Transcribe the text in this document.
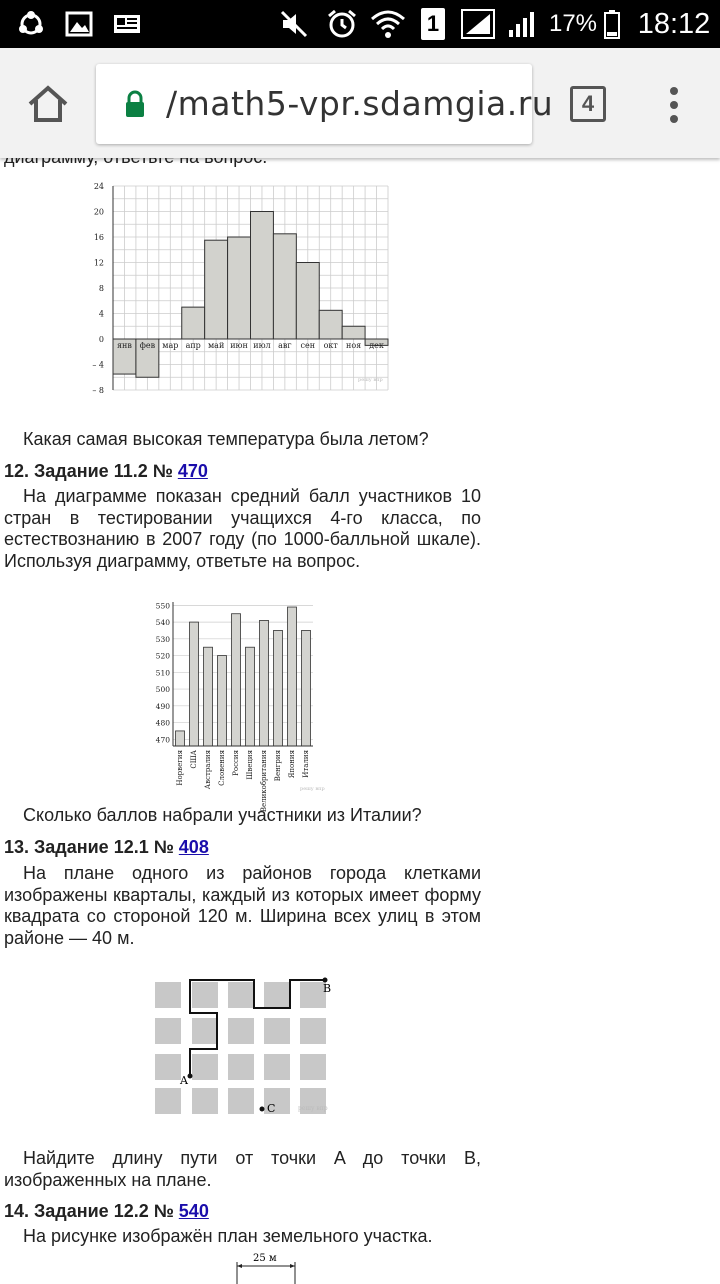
1	17% 18:12
/math5-vpr.sdamgia.ru	4
– 8
– 4
0
4
8
12
16
20
24
янв фев мар апр май июн июл авг сен окт ноя дек
решу впр
Какая самая высокая температура была летом?
12. Задание 11.2 № 470
На диаграмме показан средний балл участников 10 стран в тестировании учащихся 4-го класса, по естествознанию в 2007 году (по 1000-балльной шкале). Используя диаграмму, ответьте на вопрос.
470
480
490
500
510
520
530
540
550
Норвегия США Австралия Словения Россия Швеция Великобритания Венгрия Япония Италия
решу впр
Сколько баллов набрали участники из Италии?
13. Задание 12.1 № 408
На плане одного из районов города клетками изображены кварталы, каждый из которых имеет форму квадрата со стороной 120 м. Ширина всех улиц в этом районе — 40 м.
A
B
C	решу впр
Найдите длину пути от точки A до точки B, изображенных на плане.
14. Задание 12.2 № 540
На рисунке изображён план земельного участка.
25 м
